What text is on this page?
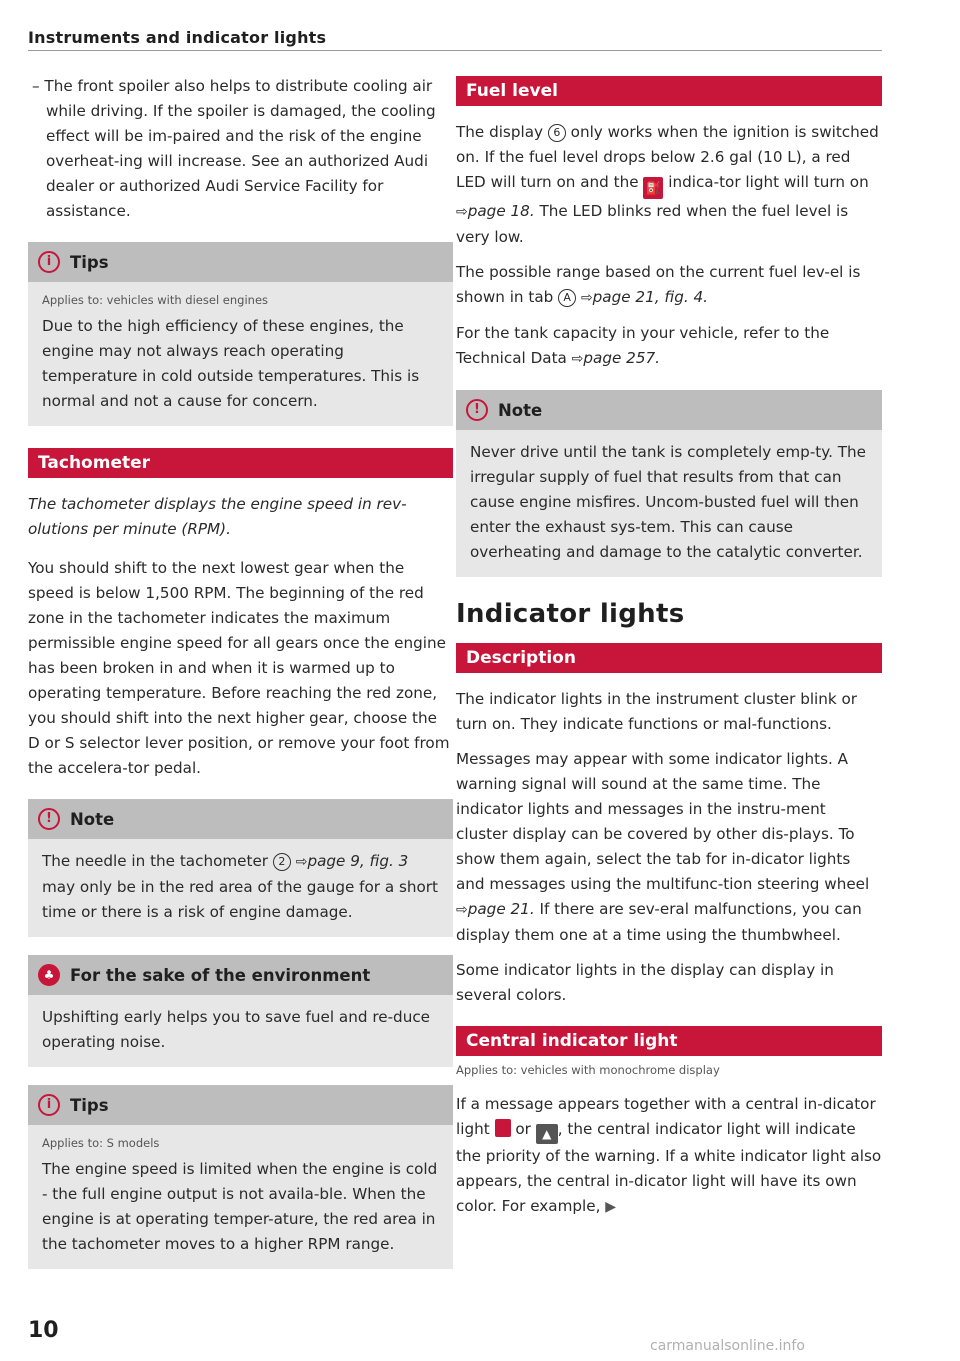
Instruments and indicator lights

– The front spoiler also helps to distribute cooling air while driving. If the spoiler is damaged, the cooling effect will be im-paired and the risk of the engine overheat-ing will increase. See an authorized Audi dealer or authorized Audi Service Facility for assistance.

i	Tips
Applies to: vehicles with diesel engines

Due to the high efficiency of these engines, the engine may not always reach operating temperature in cold outside temperatures. This is normal and not a cause for concern.

Tachometer

The tachometer displays the engine speed in rev-olutions per minute (RPM).

You should shift to the next lowest gear when the speed is below 1,500 RPM. The beginning of the red zone in the tachometer indicates the maximum permissible engine speed for all gears once the engine has been broken in and when it is warmed up to operating temperature. Before reaching the red zone, you should shift into the next higher gear, choose the D or S selector lever position, or remove your foot from the accelera-tor pedal.

!	Note

The needle in the tachometer 2 ⇨page 9, fig. 3 may only be in the red area of the gauge for a short time or there is a risk of engine damage.

♣ For the sake of the environment

Upshifting early helps you to save fuel and re-duce operating noise.

i	Tips
Applies to: S models

The engine speed is limited when the engine is cold - the full engine output is not availa-ble. When the engine is at operating temper-ature, the red area in the tachometer moves to a higher RPM range.

Fuel level

The display 6 only works when the ignition is switched on. If the fuel level drops below 2.6 gal (10 L), a red LED will turn on and the ⛽ indica-tor light will turn on ⇨page 18. The LED blinks red when the fuel level is very low.

The possible range based on the current fuel lev-el is shown in tab A ⇨page 21, fig. 4.

For the tank capacity in your vehicle, refer to the Technical Data ⇨page 257.

!	Note

Never drive until the tank is completely emp-ty. The irregular supply of fuel that results from that can cause engine misfires. Uncom-busted fuel will then enter the exhaust sys-tem. This can cause overheating and damage to the catalytic converter.

Indicator lights
Description

The indicator lights in the instrument cluster blink or turn on. They indicate functions or mal-functions.

Messages may appear with some indicator lights. A warning signal will sound at the same time. The indicator lights and messages in the instru-ment cluster display can be covered by other dis-plays. To show them again, select the tab for in-dicator lights and messages using the multifunc-tion steering wheel ⇨page 21. If there are sev-eral malfunctions, you can display them one at a time using the thumbwheel.

Some indicator lights in the display can display in several colors.

Central indicator light
Applies to: vehicles with monochrome display

If a message appears together with a central in-dicator light or ▲ , the central indicator light will indicate the priority of the warning. If a white indicator light also appears, the central in-dicator light will have its own color. For example, ▶

10
carmanualsonline.info
